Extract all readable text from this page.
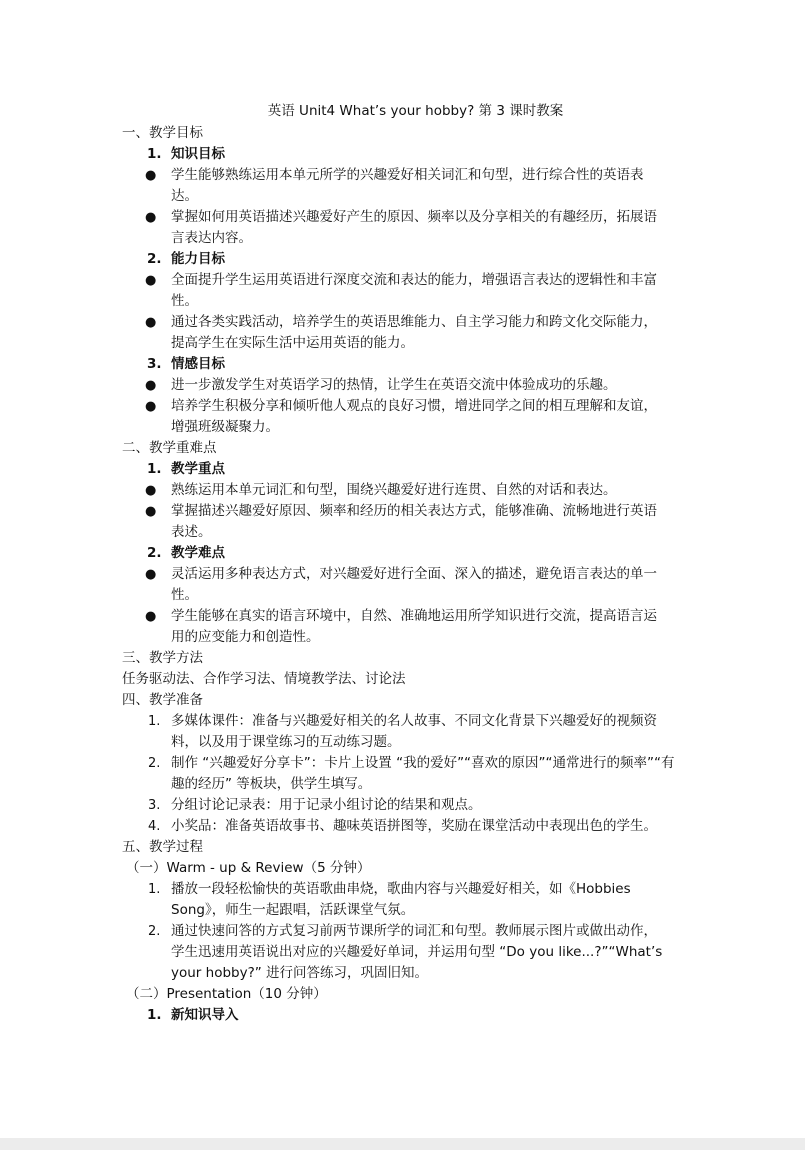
英语 Unit4 What’s your hobby? 第 3 课时教案
一、教学目标
1. 知识目标
● 学生能够熟练运用本单元所学的兴趣爱好相关词汇和句型，进行综合性的英语表
达。
● 掌握如何用英语描述兴趣爱好产生的原因、频率以及分享相关的有趣经历，拓展语
言表达内容。
2. 能力目标
● 全面提升学生运用英语进行深度交流和表达的能力，增强语言表达的逻辑性和丰富
性。
● 通过各类实践活动，培养学生的英语思维能力、自主学习能力和跨文化交际能力，
提高学生在实际生活中运用英语的能力。
3. 情感目标
● 进一步激发学生对英语学习的热情，让学生在英语交流中体验成功的乐趣。
● 培养学生积极分享和倾听他人观点的良好习惯，增进同学之间的相互理解和友谊，
增强班级凝聚力。
二、教学重难点
1. 教学重点
● 熟练运用本单元词汇和句型，围绕兴趣爱好进行连贯、自然的对话和表达。
● 掌握描述兴趣爱好原因、频率和经历的相关表达方式，能够准确、流畅地进行英语
表述。
2. 教学难点
● 灵活运用多种表达方式，对兴趣爱好进行全面、深入的描述，避免语言表达的单一
性。
● 学生能够在真实的语言环境中，自然、准确地运用所学知识进行交流，提高语言运
用的应变能力和创造性。
三、教学方法
任务驱动法、合作学习法、情境教学法、讨论法
四、教学准备
1. 多媒体课件：准备与兴趣爱好相关的名人故事、不同文化背景下兴趣爱好的视频资
料，以及用于课堂练习的互动练习题。
2. 制作 “兴趣爱好分享卡”：卡片上设置 “我的爱好”“喜欢的原因”“通常进行的频率”“有
趣的经历” 等板块，供学生填写。
3. 分组讨论记录表：用于记录小组讨论的结果和观点。
4. 小奖品：准备英语故事书、趣味英语拼图等，奖励在课堂活动中表现出色的学生。
五、教学过程
（一）Warm - up & Review（5 分钟）
1. 播放一段轻松愉快的英语歌曲串烧，歌曲内容与兴趣爱好相关，如《Hobbies
Song》，师生一起跟唱，活跃课堂气氛。
2. 通过快速问答的方式复习前两节课所学的词汇和句型。教师展示图片或做出动作，
学生迅速用英语说出对应的兴趣爱好单词，并运用句型 “Do you like...?”“What’s
your hobby?” 进行问答练习，巩固旧知。
（二）Presentation（10 分钟）
1. 新知识导入
